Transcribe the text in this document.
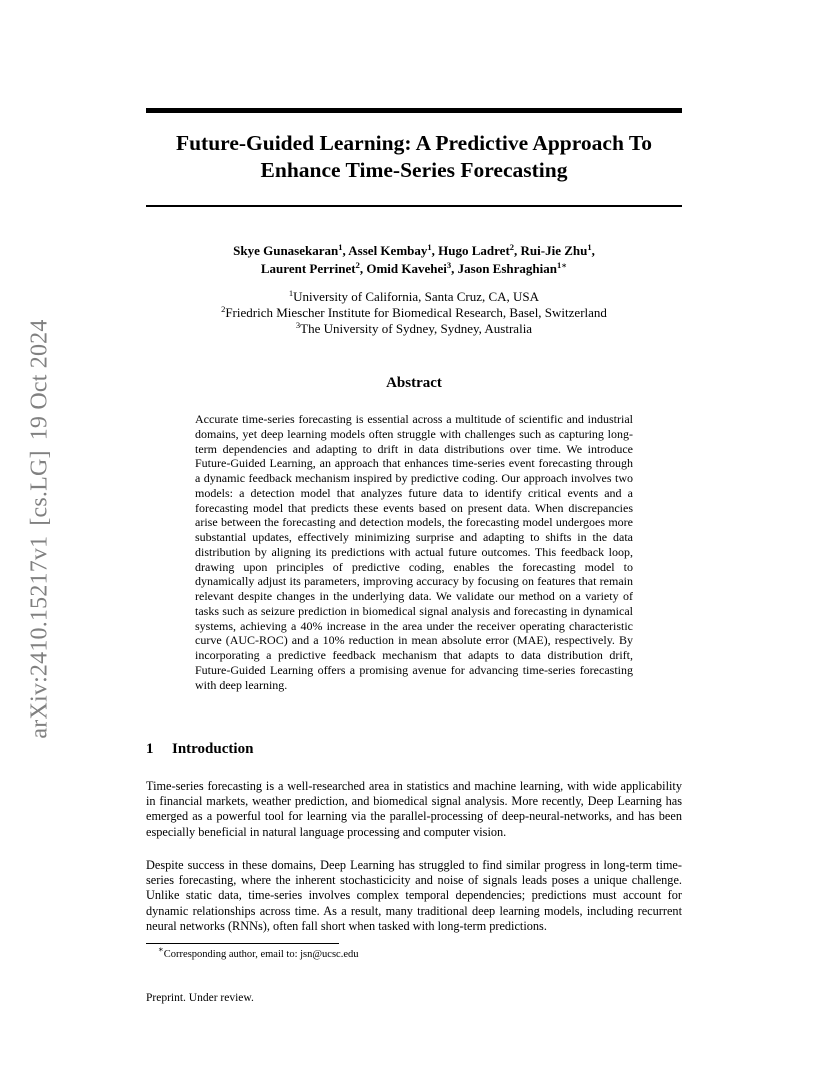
arXiv:2410.15217v1[cs.LG]19 Oct 2024
Future-Guided Learning: A Predictive Approach To
Enhance Time-Series Forecasting
Skye Gunasekaran$^1$, Assel Kembay$^1$, Hugo Ladret$^2$, Rui-Jie Zhu$^1$,
Laurent Perrinet$^2$, Omid Kavehei$^3$, Jason Eshraghian$^{1∗}$
$^1$University of California, Santa Cruz, CA, USA
$^2$Friedrich Miescher Institute for Biomedical Research, Basel, Switzerland
$^3$The University of Sydney, Sydney, Australia
Abstract

Accurate time-series forecasting is essential across a multitude of scientific and industrial domains, yet deep learning models often struggle with challenges such as capturing long-term dependencies and adapting to drift in data distributions over time. We introduce Future-Guided Learning, an approach that enhances time-series event forecasting through a dynamic feedback mechanism inspired by predictive coding. Our approach involves two models: a detection model that analyzes future data to identify critical events and a forecasting model that predicts these events based on present data. When discrepancies arise between the forecasting and detection models, the forecasting model undergoes more substantial updates, effectively minimizing surprise and adapting to shifts in the data distribution by aligning its predictions with actual future outcomes. This feedback loop, drawing upon principles of predictive coding, enables the forecasting model to dynamically adjust its parameters, improving accuracy by focusing on features that remain relevant despite changes in the underlying data. We validate our method on a variety of tasks such as seizure prediction in biomedical signal analysis and forecasting in dynamical systems, achieving a 40% increase in the area under the receiver operating characteristic curve (AUC-ROC) and a 10% reduction in mean absolute error (MAE), respectively. By incorporating a predictive feedback mechanism that adapts to data distribution drift, Future-Guided Learning offers a promising avenue for advancing time-series forecasting with deep learning.

1 Introduction

Time-series forecasting is a well-researched area in statistics and machine learning, with wide applicability in financial markets, weather prediction, and biomedical signal analysis. More recently, Deep Learning has emerged as a powerful tool for learning via the parallel-processing of deep-neural-networks, and has been especially beneficial in natural language processing and computer vision.

Despite success in these domains, Deep Learning has struggled to find similar progress in long-term time-series forecasting, where the inherent stochasticicity and noise of signals leads poses a unique challenge. Unlike static data, time-series involves complex temporal dependencies; predictions must account for dynamic relationships across time. As a result, many traditional deep learning models, including recurrent neural networks (RNNs), often fall short when tasked with long-term predictions.

∗Corresponding author, email to: jsn@ucsc.edu

Preprint. Under review.
